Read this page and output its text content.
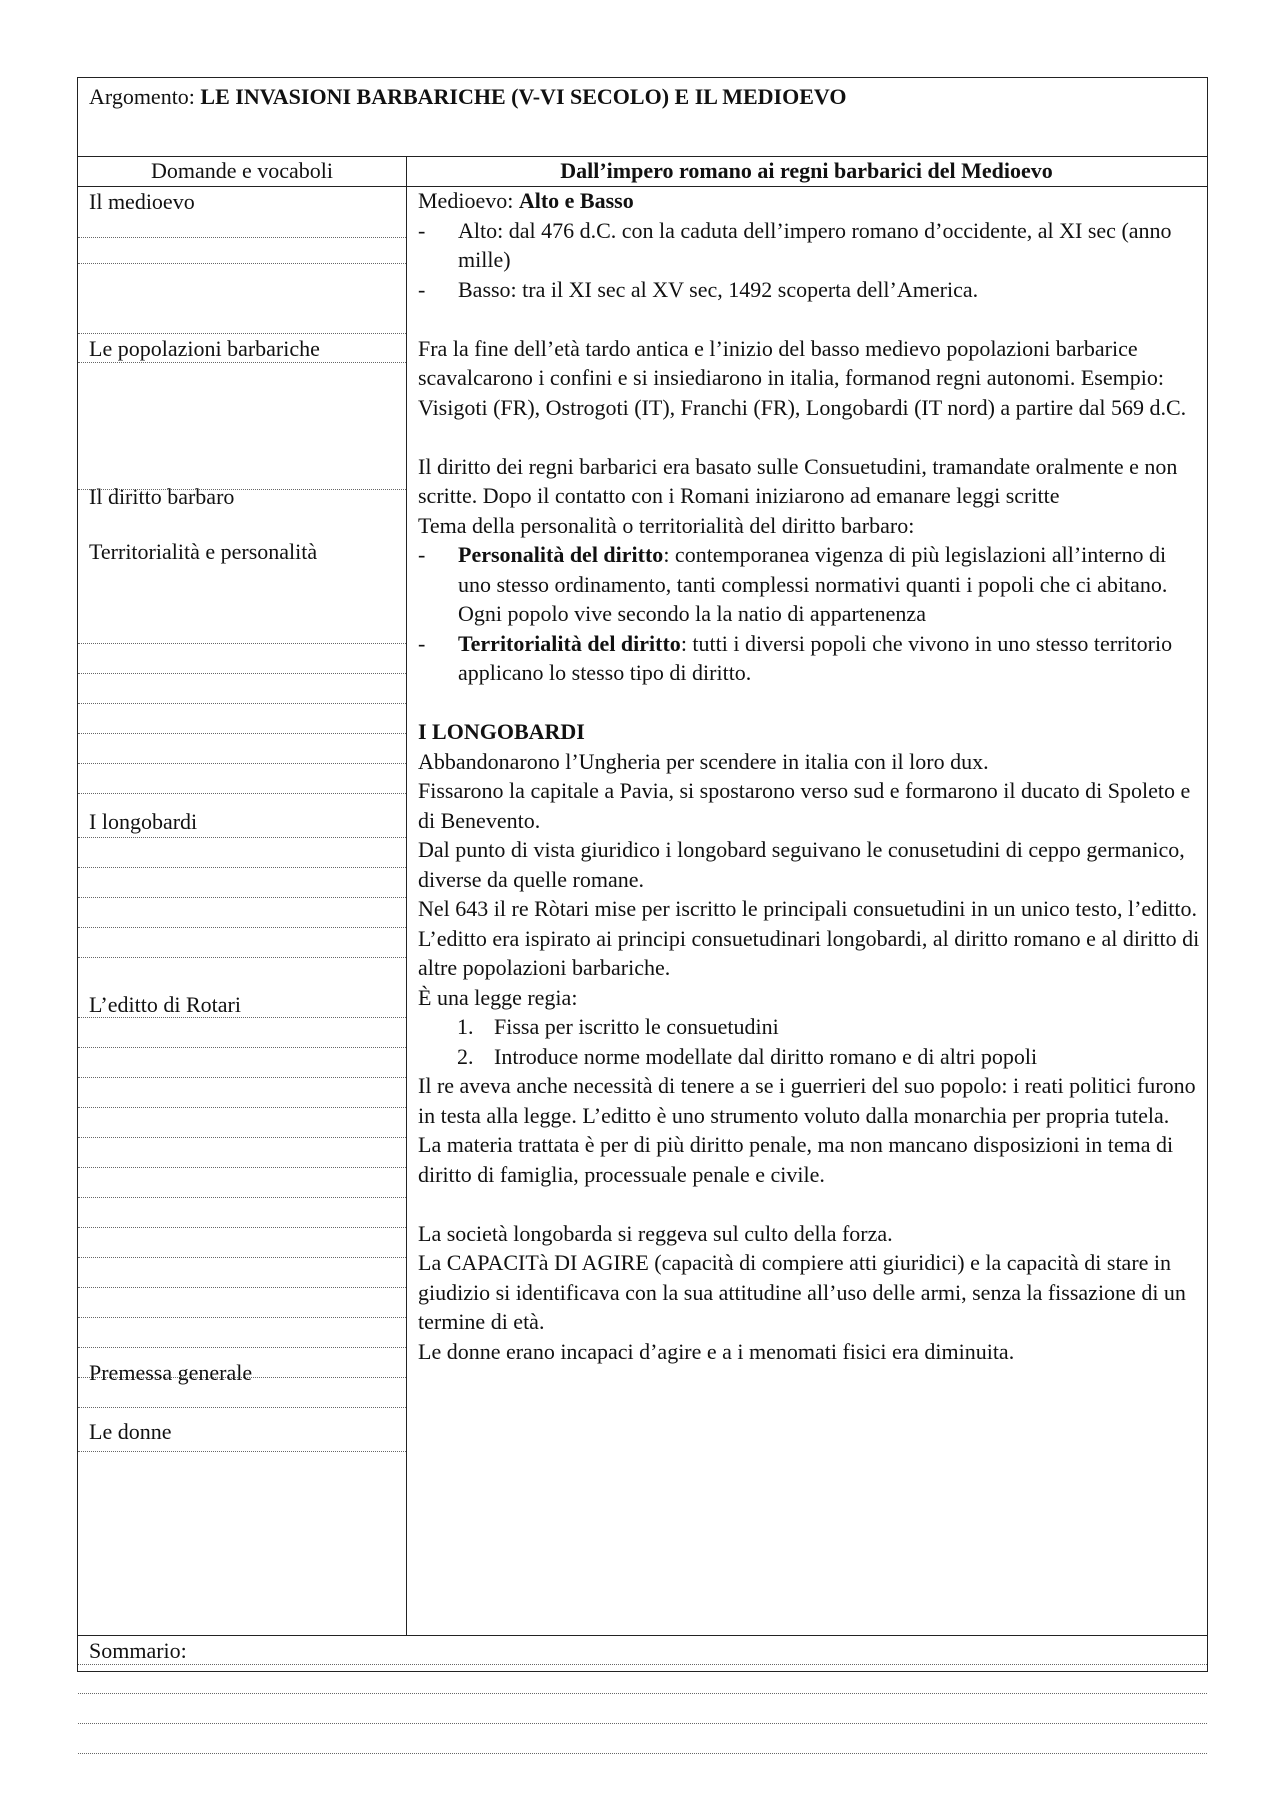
Argomento: LE INVASIONI BARBARICHE (V-VI SECOLO) E IL MEDIOEVO
Domande e vocaboli	Dall’impero romano ai regni barbarici del Medioevo
Il medioevo
Le popolazioni barbariche
Il diritto barbaro
Territorialità e personalità
I longobardi
L’editto di Rotari
Premessa generale
Le donne

Medioevo: Alto e Basso

- Alto: dal 476 d.C. con la caduta dell’impero romano d’occidente, al XI sec (anno mille)

- Basso: tra il XI sec al XV sec, 1492 scoperta dell’America.

Fra la fine dell’età tardo antica e l’inizio del basso medievo popolazioni barbarice scavalcarono i confini e si insiediarono in italia, formanod regni autonomi. Esempio: Visigoti (FR), Ostrogoti (IT), Franchi (FR), Longobardi (IT nord) a partire dal 569 d.C.

Il diritto dei regni barbarici era basato sulle Consuetudini, tramandate oralmente e non scritte. Dopo il contatto con i Romani iniziarono ad emanare leggi scritte

Tema della personalità o territorialità del diritto barbaro:

- Personalità del diritto: contemporanea vigenza di più legislazioni all’interno di uno stesso ordinamento, tanti complessi normativi quanti i popoli che ci abitano. Ogni popolo vive secondo la la natio di appartenenza

- Territorialità del diritto: tutti i diversi popoli che vivono in uno stesso territorio applicano lo stesso tipo di diritto.

I LONGOBARDI

Abbandonarono l’Ungheria per scendere in italia con il loro dux.

Fissarono la capitale a Pavia, si spostarono verso sud e formarono il ducato di Spoleto e di Benevento.

Dal punto di vista giuridico i longobard seguivano le conusetudini di ceppo germanico, diverse da quelle romane.

Nel 643 il re Ròtari mise per iscritto le principali consuetudini in un unico testo, l’editto.

L’editto era ispirato ai principi consuetudinari longobardi, al diritto romano e al diritto di altre popolazioni barbariche.

È una legge regia:

1. Fissa per iscritto le consuetudini

2. Introduce norme modellate dal diritto romano e di altri popoli

Il re aveva anche necessità di tenere a se i guerrieri del suo popolo: i reati politici furono in testa alla legge. L’editto è uno strumento voluto dalla monarchia per propria tutela.

La materia trattata è per di più diritto penale, ma non mancano disposizioni in tema di diritto di famiglia, processuale penale e civile.

La società longobarda si reggeva sul culto della forza.

La CAPACITà DI AGIRE (capacità di compiere atti giuridici) e la capacità di stare in giudizio si identificava con la sua attitudine all’uso delle armi, senza la fissazione di un termine di età.

Le donne erano incapaci d’agire e a i menomati fisici era diminuita.

Sommario:
